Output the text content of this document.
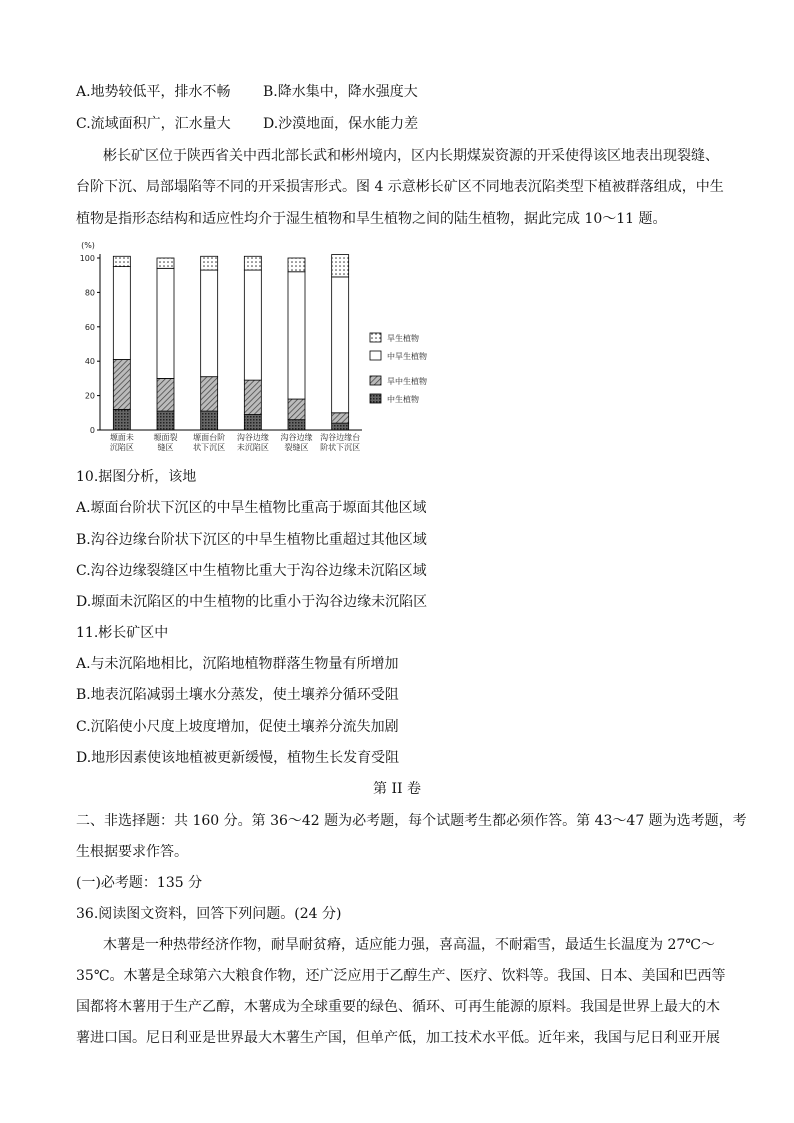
A.地势较低平，排水不畅 B.降水集中，降水强度大
C.流域面积广，汇水量大 D.沙漠地面，保水能力差
彬长矿区位于陕西省关中西北部长武和彬州境内，区内长期煤炭资源的开采使得该区地表出现裂缝、
台阶下沉、局部塌陷等不同的开采损害形式。图 4 示意彬长矿区不同地表沉陷类型下植被群落组成，中生
植物是指形态结构和适应性均介于湿生植物和旱生植物之间的陆生植物，据此完成 10～11 题。
(%)
0
20
40
60
80
100
塬面未
沉陷区
塬面裂
缝区
塬面台阶
状下沉区
沟谷边缘
未沉陷区
沟谷边缘
裂缝区
沟谷边缘台
阶状下沉区
旱生植物
中旱生植物
旱中生植物
中生植物
10.据图分析，该地
A.塬面台阶状下沉区的中旱生植物比重高于塬面其他区域
B.沟谷边缘台阶状下沉区的中旱生植物比重超过其他区域
C.沟谷边缘裂缝区中生植物比重大于沟谷边缘未沉陷区域
D.塬面未沉陷区的中生植物的比重小于沟谷边缘未沉陷区
11.彬长矿区中
A.与未沉陷地相比，沉陷地植物群落生物量有所增加
B.地表沉陷减弱土壤水分蒸发，使土壤养分循环受阻
C.沉陷使小尺度上坡度增加，促使土壤养分流失加剧
D.地形因素使该地植被更新缓慢，植物生长发育受阻
第 II 卷
二、非选择题：共 160 分。第 36～42 题为必考题，每个试题考生都必须作答。第 43～47 题为选考题，考
生根据要求作答。
(一)必考题：135 分
36.阅读图文资料，回答下列问题。(24 分)
木薯是一种热带经济作物，耐旱耐贫瘠，适应能力强，喜高温，不耐霜雪，最适生长温度为 27℃～
35℃。木薯是全球第六大粮食作物，还广泛应用于乙醇生产、医疗、饮料等。我国、日本、美国和巴西等
国都将木薯用于生产乙醇，木薯成为全球重要的绿色、循环、可再生能源的原料。我国是世界上最大的木
薯进口国。尼日利亚是世界最大木薯生产国，但单产低，加工技术水平低。近年来，我国与尼日利亚开展
